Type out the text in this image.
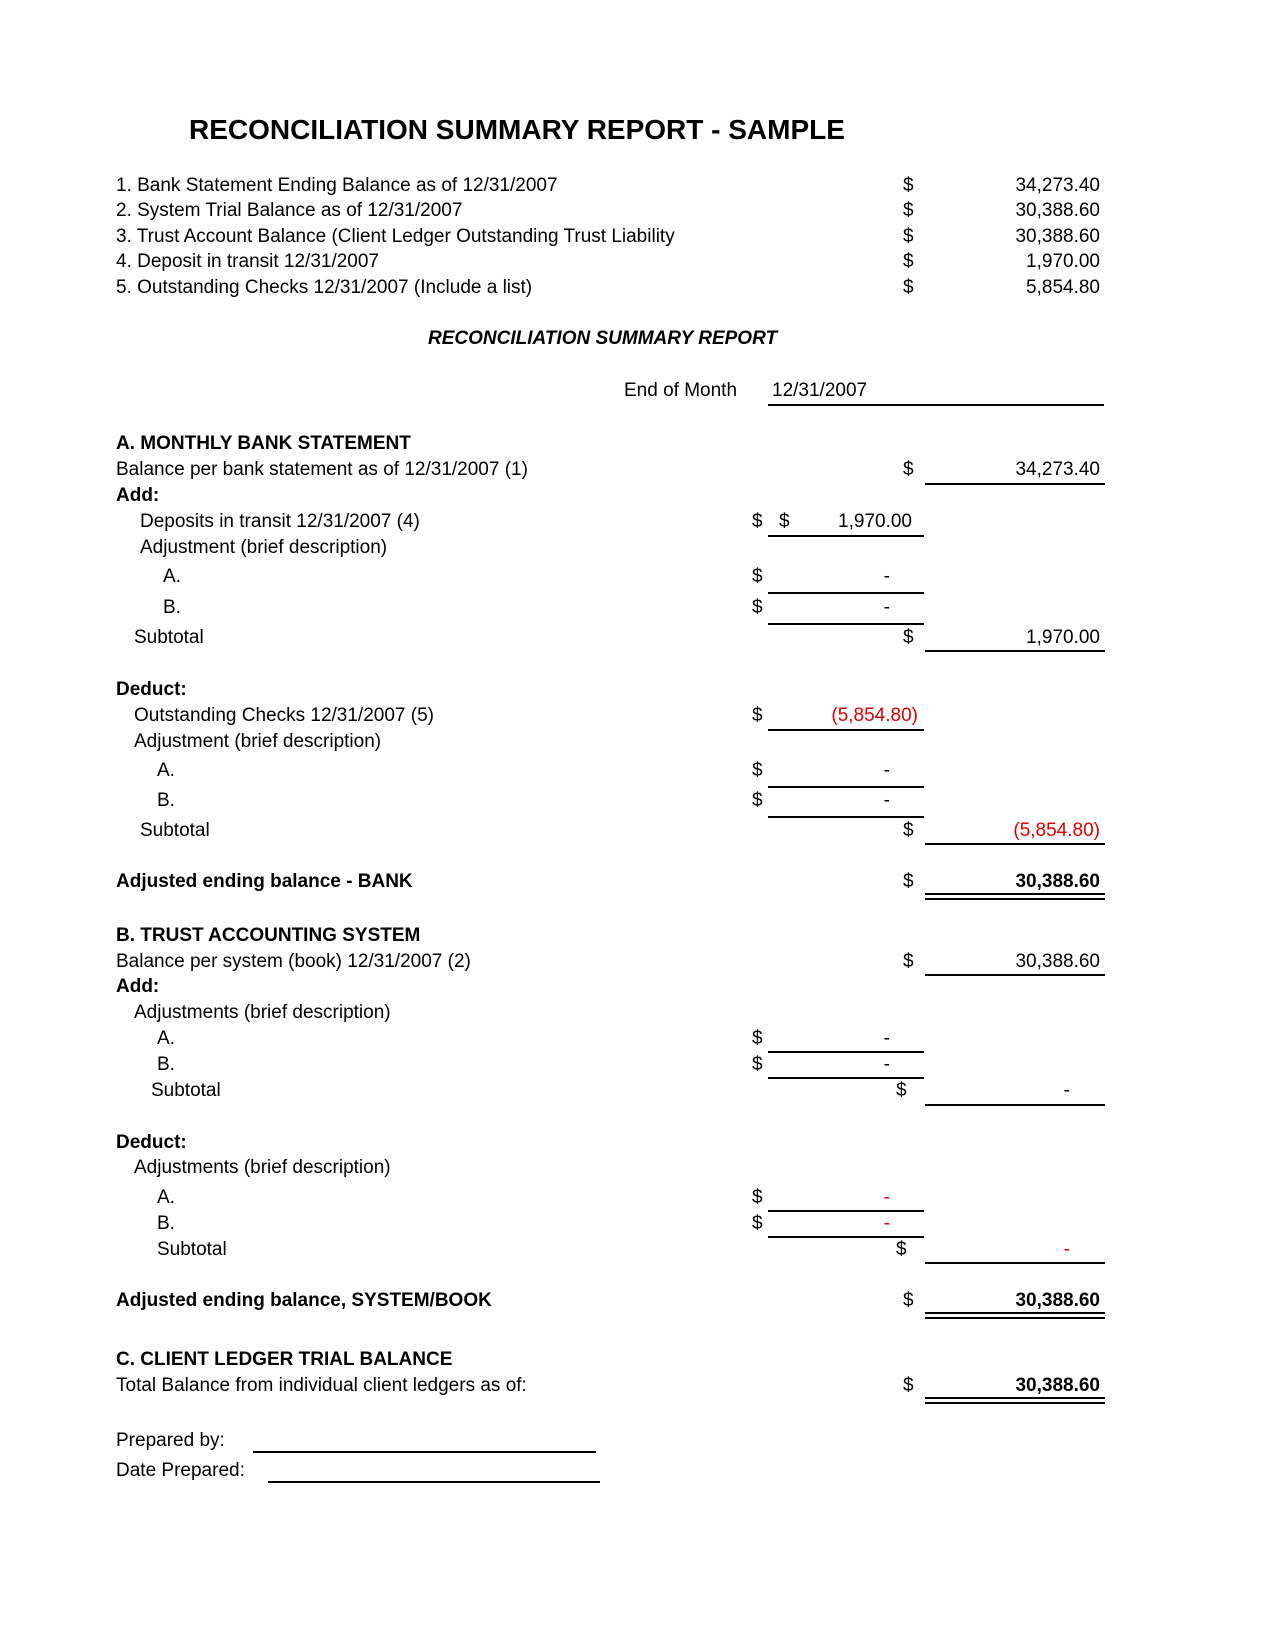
RECONCILIATION SUMMARY REPORT - SAMPLE
1. Bank Statement Ending Balance as of 12/31/2007	$	34,273.40
2. System Trial Balance as of 12/31/2007	$	30,388.60
3. Trust Account Balance (Client Ledger Outstanding Trust Liability	$	30,388.60
4. Deposit in transit 12/31/2007	$	1,970.00
5. Outstanding Checks 12/31/2007 (Include a list)	$	5,854.80
RECONCILIATION SUMMARY REPORT
End of Month 12/31/2007
A. MONTHLY BANK STATEMENT
Balance per bank statement as of 12/31/2007 (1)	$	34,273.40
Add:
Deposits in transit 12/31/2007 (4)	$ $	1,970.00
Adjustment (brief description)
A.	$	-
B.	$	-
Subtotal	$	1,970.00
Deduct:
Outstanding Checks 12/31/2007 (5)	$	(5,854.80)
Adjustment (brief description)
A.	$	-
B.	$	-
Subtotal	$	(5,854.80)
Adjusted ending balance - BANK	$	30,388.60
B. TRUST ACCOUNTING SYSTEM
Balance per system (book) 12/31/2007 (2)	$	30,388.60
Add:
Adjustments (brief description)
A.	$	-
B.	$	-
Subtotal	$	-
Deduct:
Adjustments (brief description)
A.	$	-
B.	$	-
Subtotal	$	-
Adjusted ending balance, SYSTEM/BOOK	$	30,388.60
C. CLIENT LEDGER TRIAL BALANCE
Total Balance from individual client ledgers as of:	$	30,388.60
Prepared by:
Date Prepared:
